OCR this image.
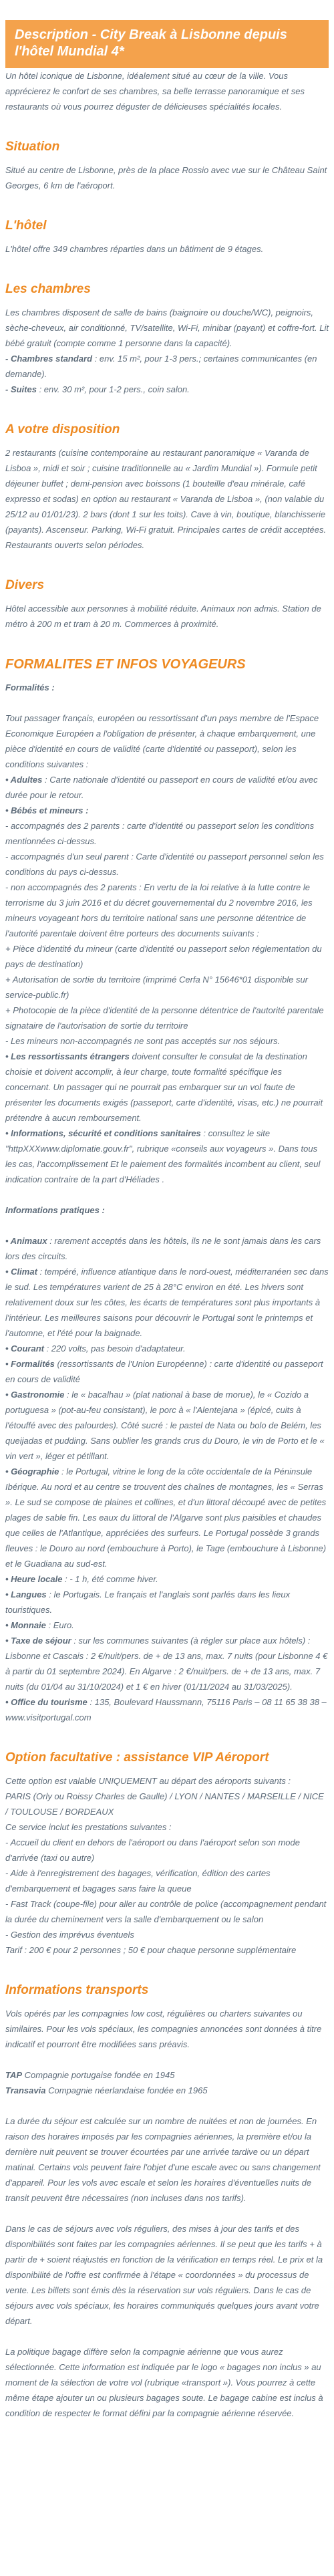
Description - City Break à Lisbonne depuis l'hôtel Mundial 4*

Un hôtel iconique de Lisbonne, idéalement situé au cœur de la ville. Vous apprécierez le confort de ses chambres, sa belle terrasse panoramique et ses restaurants où vous pourrez déguster de délicieuses spécialités locales.

Situation

Situé au centre de Lisbonne, près de la place Rossio avec vue sur le Château Saint Georges, 6 km de l'aéroport.

L'hôtel

L'hôtel offre 349 chambres réparties dans un bâtiment de 9 étages.

Les chambres

Les chambres disposent de salle de bains (baignoire ou douche/WC), peignoirs, sèche-cheveux, air conditionné, TV/satellite, Wi-Fi, minibar (payant) et coffre-fort. Lit bébé gratuit (compte comme 1 personne dans la capacité).

- Chambres standard : env. 15 m², pour 1-3 pers.; certaines communicantes (en demande).

- Suites : env. 30 m², pour 1-2 pers., coin salon.

A votre disposition

2 restaurants (cuisine contemporaine au restaurant panoramique « Varanda de Lisboa », midi et soir ; cuisine traditionnelle au « Jardim Mundial »). Formule petit déjeuner buffet ; demi-pension avec boissons (1 bouteille d'eau minérale, café expresso et sodas) en option au restaurant « Varanda de Lisboa », (non valable du 25/12 au 01/01/23). 2 bars (dont 1 sur les toits). Cave à vin, boutique, blanchisserie (payants). Ascenseur. Parking, Wi-Fi gratuit. Principales cartes de crédit acceptées. Restaurants ouverts selon périodes.

Divers

Hôtel accessible aux personnes à mobilité réduite. Animaux non admis. Station de métro à 200 m et tram à 20 m. Commerces à proximité.

FORMALITES ET INFOS VOYAGEURS

Formalités :

Tout passager français, européen ou ressortissant d'un pays membre de l'Espace Economique Européen a l'obligation de présenter, à chaque embarquement, une pièce d'identité en cours de validité (carte d'identité ou passeport), selon les conditions suivantes :

• Adultes : Carte nationale d'identité ou passeport en cours de validité et/ou avec durée pour le retour.

• Bébés et mineurs :

- accompagnés des 2 parents : carte d'identité ou passeport selon les conditions mentionnées ci-dessus.

- accompagnés d'un seul parent : Carte d'identité ou passeport personnel selon les conditions du pays ci-dessus.

- non accompagnés des 2 parents : En vertu de la loi relative à la lutte contre le terrorisme du 3 juin 2016 et du décret gouvernemental du 2 novembre 2016, les mineurs voyageant hors du territoire national sans une personne détentrice de l'autorité parentale doivent être porteurs des documents suivants :

+ Pièce d'identité du mineur (carte d'identité ou passeport selon réglementation du pays de destination)

+ Autorisation de sortie du territoire (imprimé Cerfa N° 15646*01 disponible sur service-public.fr)

+ Photocopie de la pièce d'identité de la personne détentrice de l'autorité parentale signataire de l'autorisation de sortie du territoire

- Les mineurs non-accompagnés ne sont pas acceptés sur nos séjours.

• Les ressortissants étrangers doivent consulter le consulat de la destination choisie et doivent accomplir, à leur charge, toute formalité spécifique les concernant. Un passager qui ne pourrait pas embarquer sur un vol faute de présenter les documents exigés (passeport, carte d'identité, visas, etc.) ne pourrait prétendre à aucun remboursement.

• Informations, sécurité et conditions sanitaires : consultez le site "httpXXXwww.diplomatie.gouv.fr", rubrique «conseils aux voyageurs ». Dans tous les cas, l'accomplissement Et le paiement des formalités incombent au client, seul indication contraire de la part d'Héliades .

Informations pratiques :

• Animaux : rarement acceptés dans les hôtels, ils ne le sont jamais dans les cars lors des circuits.

• Climat : tempéré, influence atlantique dans le nord-ouest, méditerranéen sec dans le sud. Les températures varient de 25 à 28°C environ en été. Les hivers sont relativement doux sur les côtes, les écarts de températures sont plus importants à l'intérieur. Les meilleures saisons pour découvrir le Portugal sont le printemps et l'automne, et l'été pour la baignade.

• Courant : 220 volts, pas besoin d'adaptateur.

• Formalités (ressortissants de l'Union Européenne) : carte d'identité ou passeport en cours de validité

• Gastronomie : le « bacalhau » (plat national à base de morue), le « Cozido a portuguesa » (pot-au-feu consistant), le porc à « l'Alentejana » (épicé, cuits à l'étouffé avec des palourdes). Côté sucré : le pastel de Nata ou bolo de Belém, les queijadas et pudding. Sans oublier les grands crus du Douro, le vin de Porto et le « vin vert », léger et pétillant.

• Géographie : le Portugal, vitrine le long de la côte occidentale de la Péninsule Ibérique. Au nord et au centre se trouvent des chaînes de montagnes, les « Serras ». Le sud se compose de plaines et collines, et d'un littoral découpé avec de petites plages de sable fin. Les eaux du littoral de l'Algarve sont plus paisibles et chaudes que celles de l'Atlantique, appréciées des surfeurs. Le Portugal possède 3 grands fleuves : le Douro au nord (embouchure à Porto), le Tage (embouchure à Lisbonne) et le Guadiana au sud-est.

• Heure locale : - 1 h, été comme hiver.

• Langues : le Portugais. Le français et l'anglais sont parlés dans les lieux touristiques.

• Monnaie : Euro.

• Taxe de séjour : sur les communes suivantes (à régler sur place aux hôtels) : Lisbonne et Cascais : 2 €/nuit/pers. de + de 13 ans, max. 7 nuits (pour Lisbonne 4 € à partir du 01 septembre 2024). En Algarve : 2 €/nuit/pers. de + de 13 ans, max. 7 nuits (du 01/04 au 31/10/2024) et 1 € en hiver (01/11/2024 au 31/03/2025).

• Office du tourisme : 135, Boulevard Haussmann, 75116 Paris – 08 11 65 38 38 – www.visitportugal.com

Option facultative : assistance VIP Aéroport

Cette option est valable UNIQUEMENT au départ des aéroports suivants :

PARIS (Orly ou Roissy Charles de Gaulle) / LYON / NANTES / MARSEILLE / NICE / TOULOUSE / BORDEAUX

Ce service inclut les prestations suivantes :

- Accueil du client en dehors de l'aéroport ou dans l'aéroport selon son mode d'arrivée (taxi ou autre)

- Aide à l'enregistrement des bagages, vérification, édition des cartes d'embarquement et bagages sans faire la queue

- Fast Track (coupe-file) pour aller au contrôle de police (accompagnement pendant la durée du cheminement vers la salle d'embarquement ou le salon

- Gestion des imprévus éventuels

Tarif : 200 € pour 2 personnes ; 50 € pour chaque personne supplémentaire

Informations transports

Vols opérés par les compagnies low cost, régulières ou charters suivantes ou similaires. Pour les vols spéciaux, les compagnies annoncées sont données à titre indicatif et pourront être modifiées sans préavis.

TAP Compagnie portugaise fondée en 1945

Transavia Compagnie néerlandaise fondée en 1965

La durée du séjour est calculée sur un nombre de nuitées et non de journées. En raison des horaires imposés par les compagnies aériennes, la première et/ou la dernière nuit peuvent se trouver écourtées par une arrivée tardive ou un départ matinal. Certains vols peuvent faire l'objet d'une escale avec ou sans changement d'appareil. Pour les vols avec escale et selon les horaires d'éventuelles nuits de transit peuvent être nécessaires (non incluses dans nos tarifs).

Dans le cas de séjours avec vols réguliers, des mises à jour des tarifs et des disponibilités sont faites par les compagnies aériennes. Il se peut que les tarifs + à partir de + soient réajustés en fonction de la vérification en temps réel. Le prix et la disponibilité de l'offre est confirmée à l'étape « coordonnées » du processus de vente. Les billets sont émis dès la réservation sur vols réguliers. Dans le cas de séjours avec vols spéciaux, les horaires communiqués quelques jours avant votre départ.

La politique bagage diffère selon la compagnie aérienne que vous aurez sélectionnée. Cette information est indiquée par le logo « bagages non inclus » au moment de la sélection de votre vol (rubrique «transport »). Vous pourrez à cette même étape ajouter un ou plusieurs bagages soute. Le bagage cabine est inclus à condition de respecter le format défini par la compagnie aérienne réservée.
